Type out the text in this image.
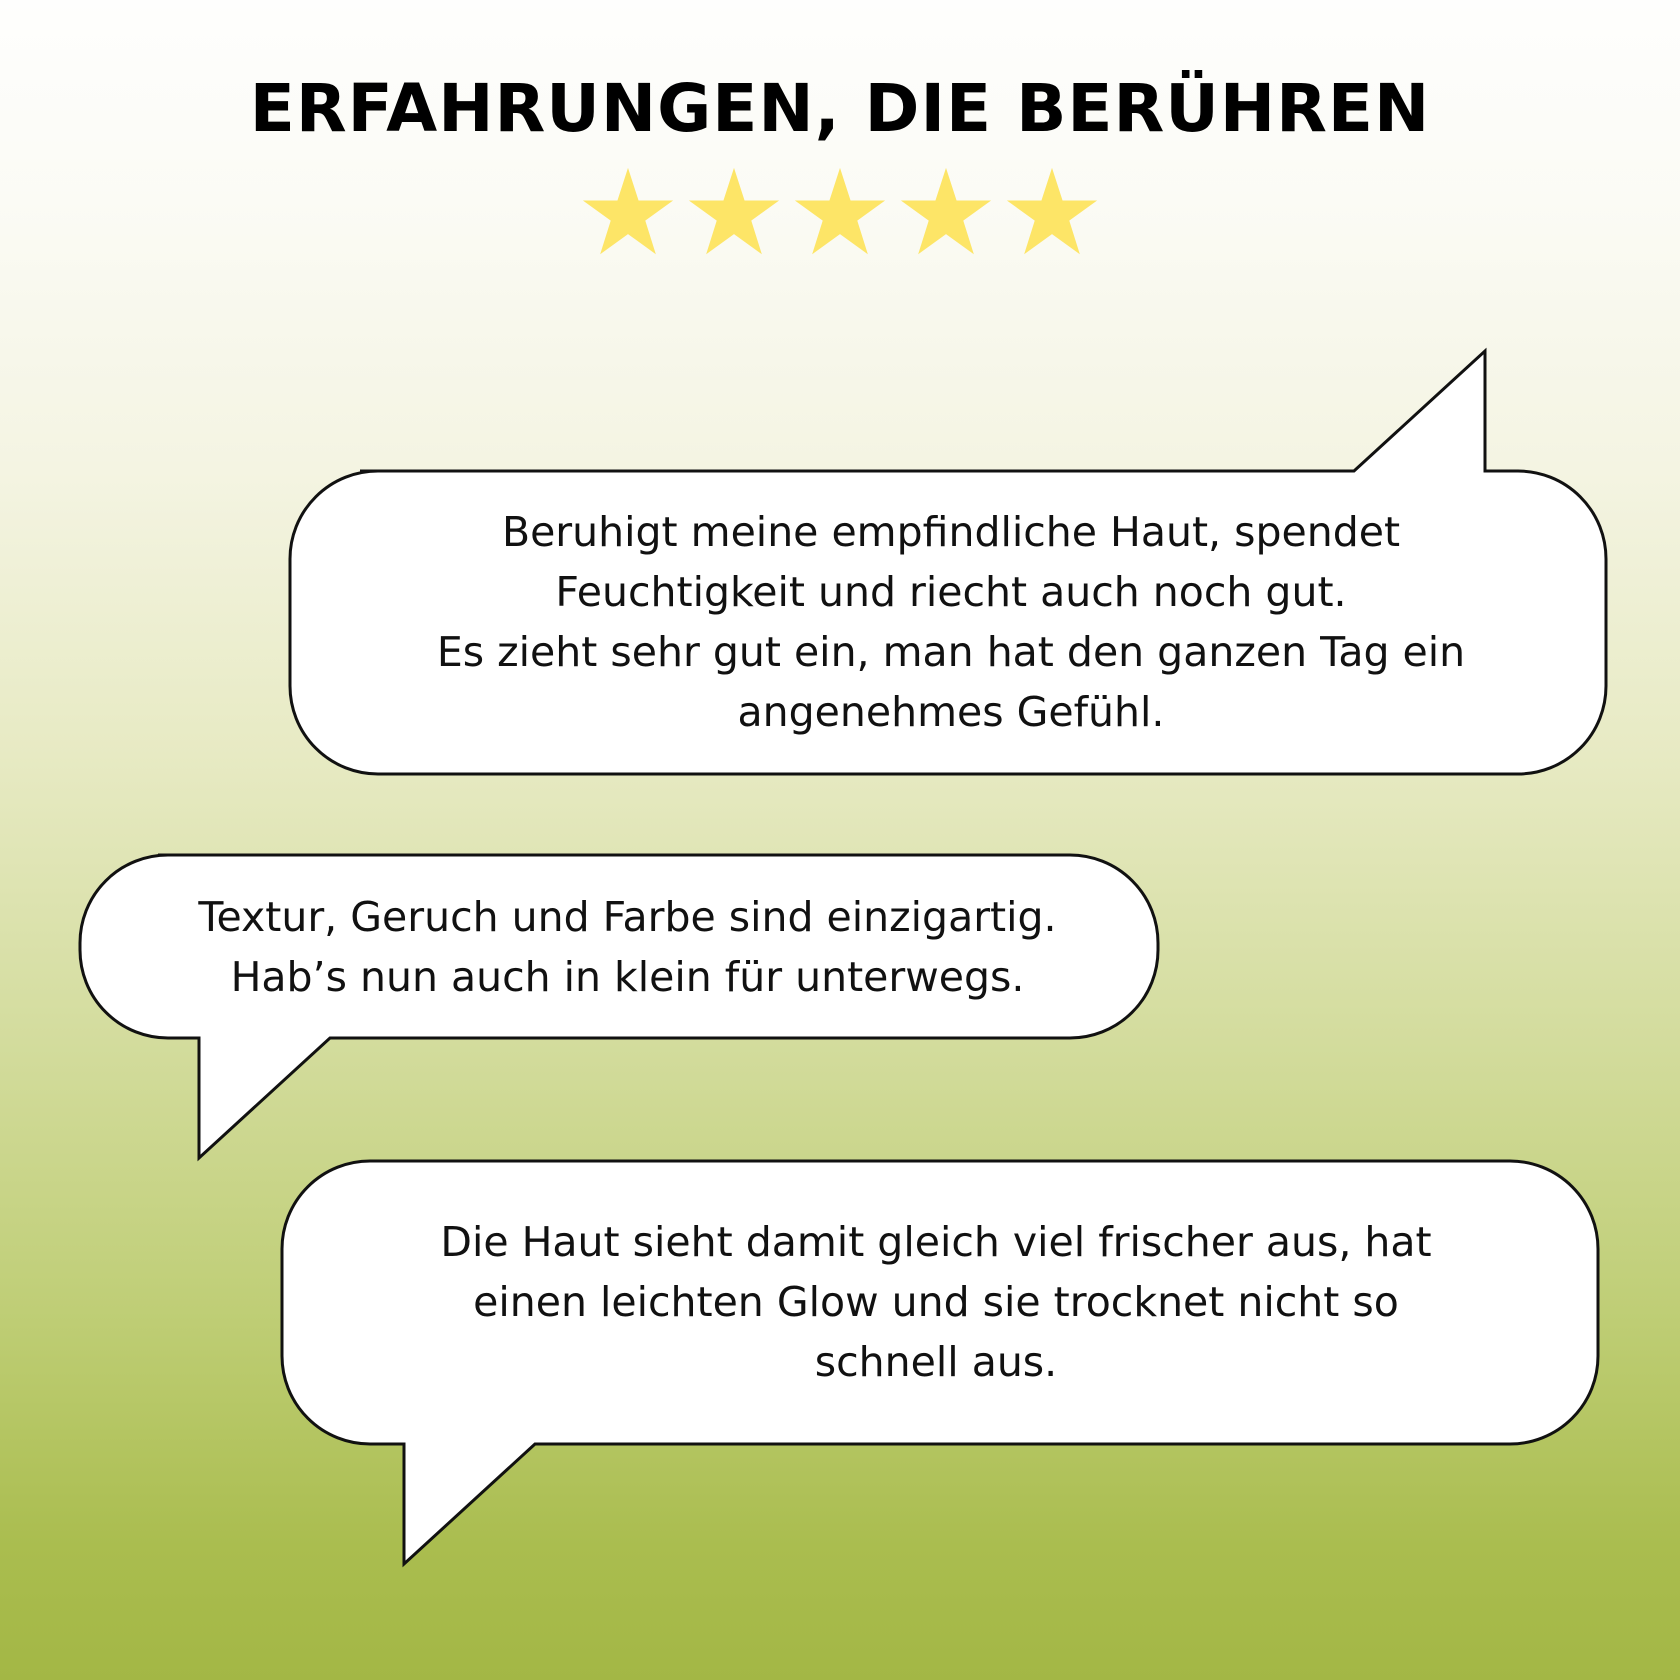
ERFAHRUNGEN, DIE BERÜHREN
Beruhigt meine empfindliche Haut, spendet
Feuchtigkeit und riecht auch noch gut.
Es zieht sehr gut ein, man hat den ganzen Tag ein
angenehmes Gefühl.
Textur, Geruch und Farbe sind einzigartig.
Hab’s nun auch in klein für unterwegs.
Die Haut sieht damit gleich viel frischer aus, hat
einen leichten Glow und sie trocknet nicht so
schnell aus.
